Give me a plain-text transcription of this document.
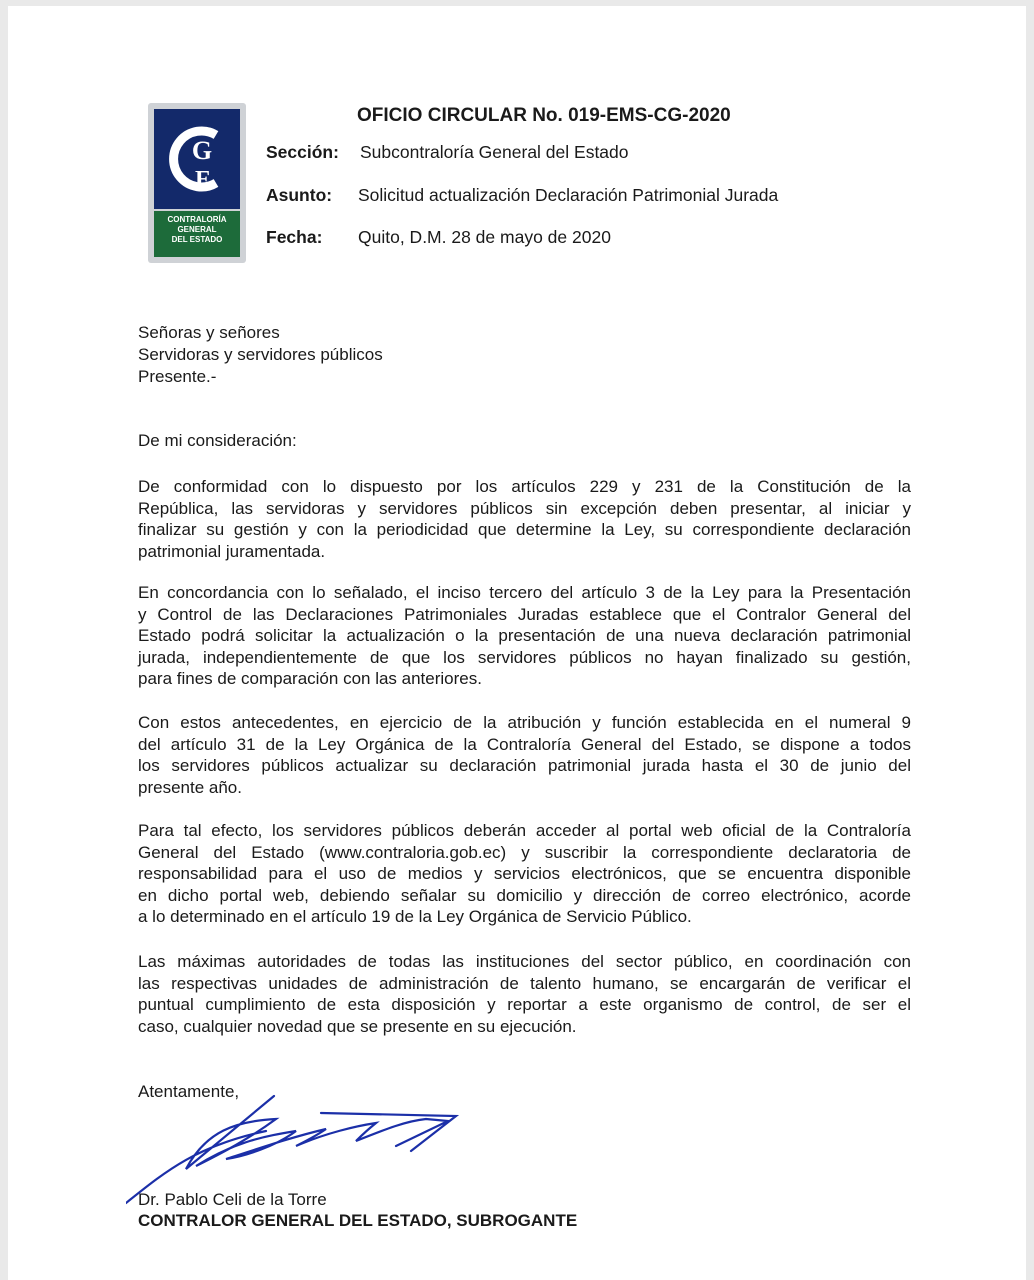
G
E
CONTRALORÍA
GENERAL
DEL ESTADO
OFICIO CIRCULAR No. 019-EMS-CG-2020
Sección: Subcontraloría General del Estado
Asunto: Solicitud actualización Declaración Patrimonial Jurada
Fecha: Quito, D.M. 28 de mayo de 2020
Señoras y señores
Servidoras y servidores públicos
Presente.-
De mi consideración:
De conformidad con lo dispuesto por los artículos 229 y 231 de la Constitución de la
República, las servidoras y servidores públicos sin excepción deben presentar, al iniciar y
finalizar su gestión y con la periodicidad que determine la Ley, su correspondiente declaración
patrimonial juramentada.
En concordancia con lo señalado, el inciso tercero del artículo 3 de la Ley para la Presentación
y Control de las Declaraciones Patrimoniales Juradas establece que el Contralor General del
Estado podrá solicitar la actualización o la presentación de una nueva declaración patrimonial
jurada, independientemente de que los servidores públicos no hayan finalizado su gestión,
para fines de comparación con las anteriores.
Con estos antecedentes, en ejercicio de la atribución y función establecida en el numeral 9
del artículo 31 de la Ley Orgánica de la Contraloría General del Estado, se dispone a todos
los servidores públicos actualizar su declaración patrimonial jurada hasta el 30 de junio del
presente año.
Para tal efecto, los servidores públicos deberán acceder al portal web oficial de la Contraloría
General del Estado (www.contraloria.gob.ec) y suscribir la correspondiente declaratoria de
responsabilidad para el uso de medios y servicios electrónicos, que se encuentra disponible
en dicho portal web, debiendo señalar su domicilio y dirección de correo electrónico, acorde
a lo determinado en el artículo 19 de la Ley Orgánica de Servicio Público.
Las máximas autoridades de todas las instituciones del sector público, en coordinación con
las respectivas unidades de administración de talento humano, se encargarán de verificar el
puntual cumplimiento de esta disposición y reportar a este organismo de control, de ser el
caso, cualquier novedad que se presente en su ejecución.
Atentamente,
Dr. Pablo Celi de la Torre
CONTRALOR GENERAL DEL ESTADO, SUBROGANTE
